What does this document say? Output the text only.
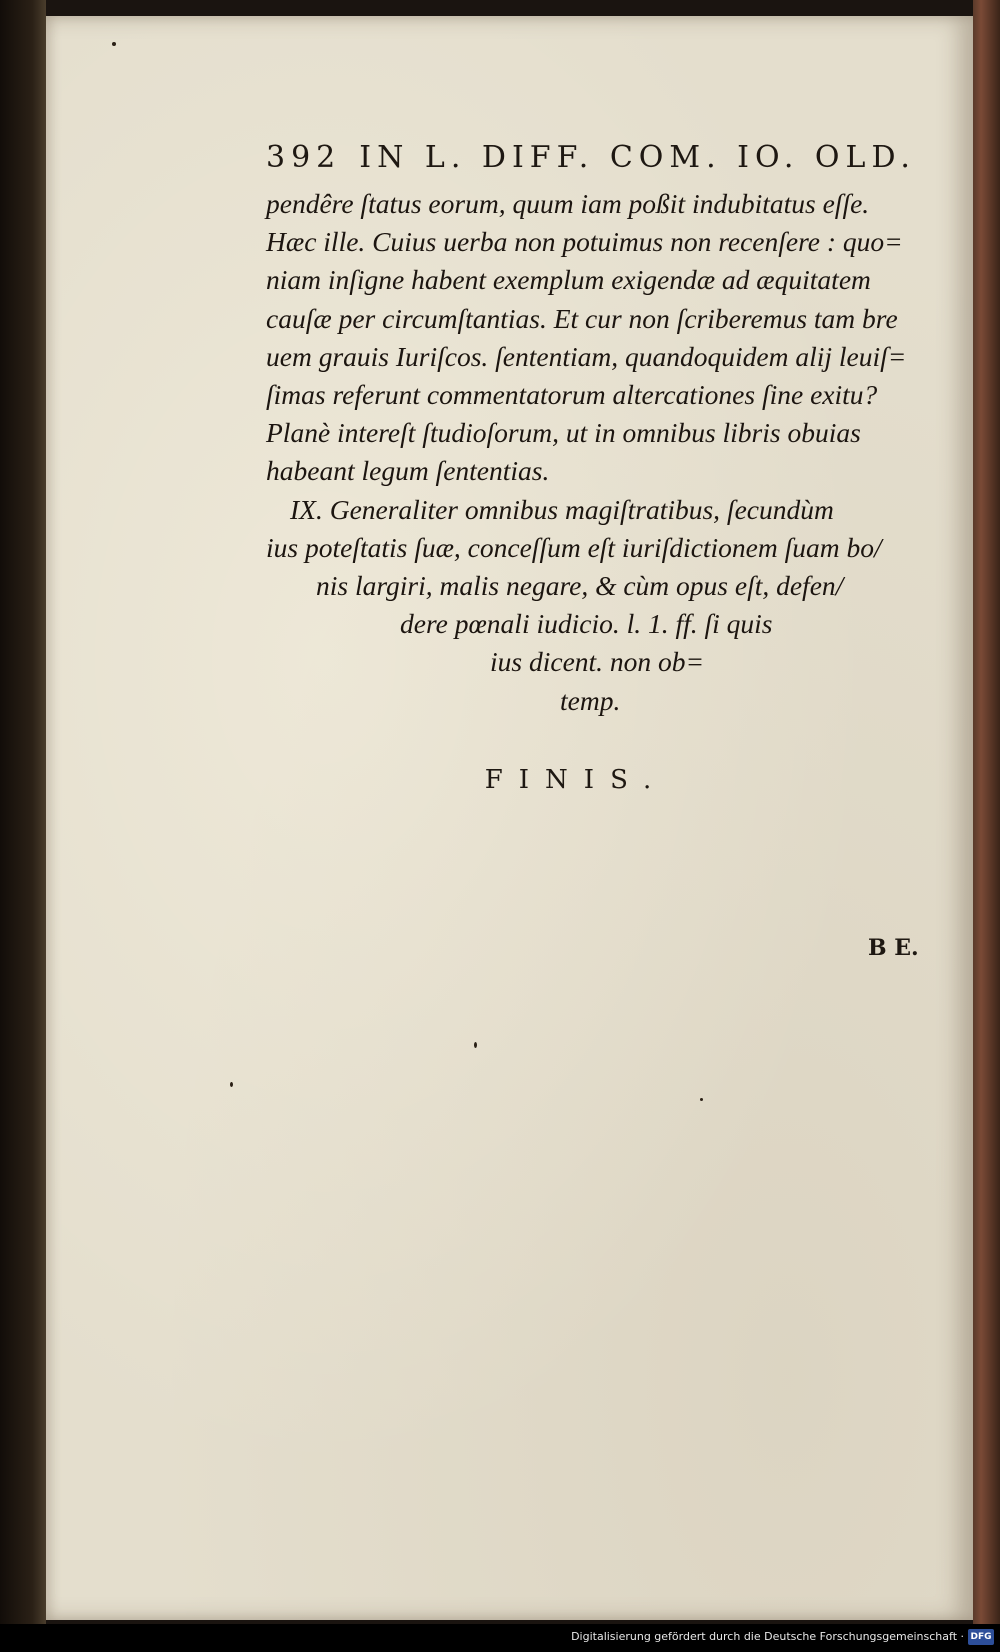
392 IN L. DIFF. COM. IO. OLD.
pendêre ſtatus eorum, quum iam poßit indubitatus eſſe.
Hæc ille. Cuius uerba non potuimus non recenſere : quo=
niam inſigne habent exemplum exigendæ ad æquitatem
cauſæ per circumſtantias. Et cur non ſcriberemus tam bre
uem grauis Iuriſcos. ſententiam, quandoquidem alij leuiſ=
ſimas referunt commentatorum altercationes ſine exitu?
Planè intereſt ſtudioſorum, ut in omnibus libris obuias
habeant legum ſententias.
IX. Generaliter omnibus magiſtratibus, ſecundùm
ius poteſtatis ſuæ, conceſſum eſt iuriſdictionem ſuam bo/
nis largiri, malis negare, & cùm opus eſt, defen/
dere pœnali iudicio. l. 1. ff. ſi quis
ius dicent. non ob=
temp.
FINIS.
B E.
Digitalisierung gefördert durch die Deutsche Forschungsgemeinschaft · DFG
